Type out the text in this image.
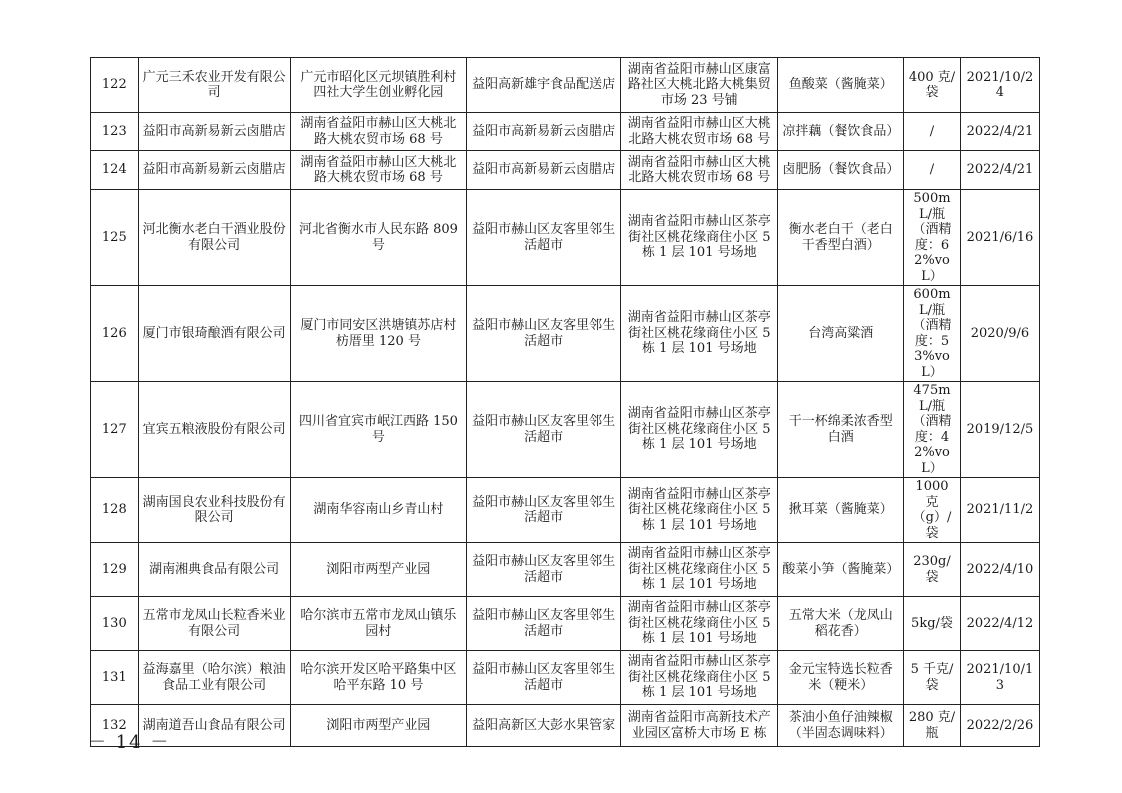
122	广元三禾农业开发有限公司	广元市昭化区元坝镇胜利村四社大学生创业孵化园	益阳高新雄宇食品配送店	湖南省益阳市赫山区康富路社区大桃北路大桃集贸市场 23 号铺	鱼酸菜（酱腌菜）	400 克/袋	2021/10/24
123	益阳市高新易新云卤腊店	湖南省益阳市赫山区大桃北路大桃农贸市场 68 号	益阳市高新易新云卤腊店	湖南省益阳市赫山区大桃北路大桃农贸市场 68 号	凉拌藕（餐饮食品）	/	2022/4/21
124	益阳市高新易新云卤腊店	湖南省益阳市赫山区大桃北路大桃农贸市场 68 号	益阳市高新易新云卤腊店	湖南省益阳市赫山区大桃北路大桃农贸市场 68 号	卤肥肠（餐饮食品）	/	2022/4/21
125	河北衡水老白干酒业股份有限公司	河北省衡水市人民东路 809 号	益阳市赫山区友客里邻生活超市	湖南省益阳市赫山区茶亭街社区桃花缘商住小区 5 栋 1 层 101 号场地	衡水老白干（老白干香型白酒）	500mL/瓶（酒精度：62%voL）	2021/6/16
126	厦门市银琦酿酒有限公司	厦门市同安区洪塘镇苏店村枋厝里 120 号	益阳市赫山区友客里邻生活超市	湖南省益阳市赫山区茶亭街社区桃花缘商住小区 5 栋 1 层 101 号场地	台湾高粱酒	600mL/瓶（酒精度：53%voL）	2020/9/6
127	宜宾五粮液股份有限公司	四川省宜宾市岷江西路 150 号	益阳市赫山区友客里邻生活超市	湖南省益阳市赫山区茶亭街社区桃花缘商住小区 5 栋 1 层 101 号场地	干一杯绵柔浓香型白酒	475mL/瓶（酒精度：42%voL）	2019/12/5
128	湖南国良农业科技股份有限公司	湖南华容南山乡青山村	益阳市赫山区友客里邻生活超市	湖南省益阳市赫山区茶亭街社区桃花缘商住小区 5 栋 1 层 101 号场地	揪耳菜（酱腌菜）	1000 克（g）/袋	2021/11/2
129	湖南湘典食品有限公司	浏阳市两型产业园	益阳市赫山区友客里邻生活超市	湖南省益阳市赫山区茶亭街社区桃花缘商住小区 5 栋 1 层 101 号场地	酸菜小笋（酱腌菜）	230g/袋	2022/4/10
130	五常市龙凤山长粒香米业有限公司	哈尔滨市五常市龙凤山镇乐园村	益阳市赫山区友客里邻生活超市	湖南省益阳市赫山区茶亭街社区桃花缘商住小区 5 栋 1 层 101 号场地	五常大米（龙凤山稻花香）	5kg/袋	2022/4/12
131	益海嘉里（哈尔滨）粮油食品工业有限公司	哈尔滨开发区哈平路集中区哈平东路 10 号	益阳市赫山区友客里邻生活超市	湖南省益阳市赫山区茶亭街社区桃花缘商住小区 5 栋 1 层 101 号场地	金元宝特选长粒香米（粳米）	5 千克/袋	2021/10/13
132	湖南道吾山食品有限公司	浏阳市两型产业园	益阳高新区大彭水果管家	湖南省益阳市高新技术产业园区富桥大市场 E 栋	茶油小鱼仔油辣椒（半固态调味料）	280 克/瓶	2022/2/26
－ 14 －
